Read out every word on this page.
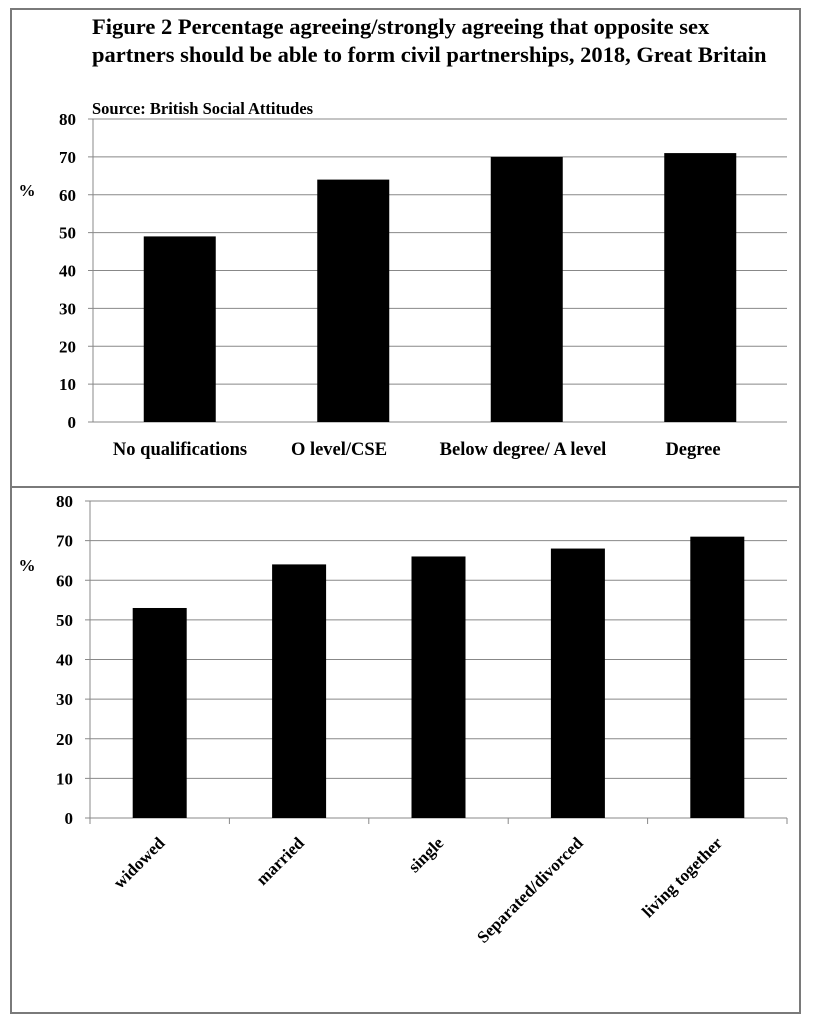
Figure 2 Percentage agreeing/strongly agreeing that opposite sex partners should be able to form civil partnerships, 2018, Great Britain

Source: British Social Attitudes

0
10
20
30
40
50
60
70
80
%
No qualifications O level/CSE	Below degree/ A level	Degree
0
10
20
30
40
50
60
70
80
%
widowed	married	single Separated/divorced	living together
